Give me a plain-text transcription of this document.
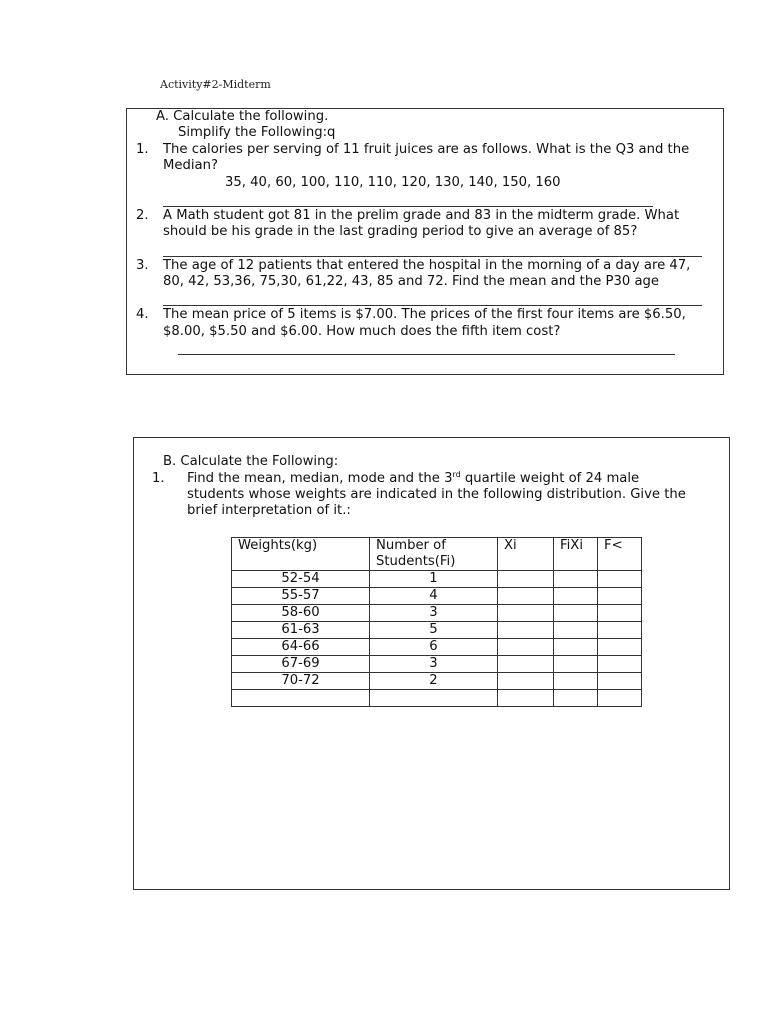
Activity#2-Midterm
A. Calculate the following.
Simplify the Following:q
1. The calories per serving of 11 fruit juices are as follows. What is the Q3 and the
Median?
35, 40, 60, 100, 110, 110, 120, 130, 140, 150, 160
2. A Math student got 81 in the prelim grade and 83 in the midterm grade. What
should be his grade in the last grading period to give an average of 85?
3. The age of 12 patients that entered the hospital in the morning of a day are 47,
80, 42, 53,36, 75,30, 61,22, 43, 85 and 72. Find the mean and the P30 age
4. The mean price of 5 items is $7.00. The prices of the first four items are $6.50,
$8.00, $5.50 and $6.00. How much does the fifth item cost?
B. Calculate the Following:
1. Find the mean, median, mode and the 3rd quartile weight of 24 male
students whose weights are indicated in the following distribution. Give the
brief interpretation of it.:
Weights(kg)	Number of Students(Fi)	Xi	FiXi	F<
52-54	1			
55-57	4			
58-60	3			
61-63	5			
64-66	6			
67-69	3			
70-72	2			
